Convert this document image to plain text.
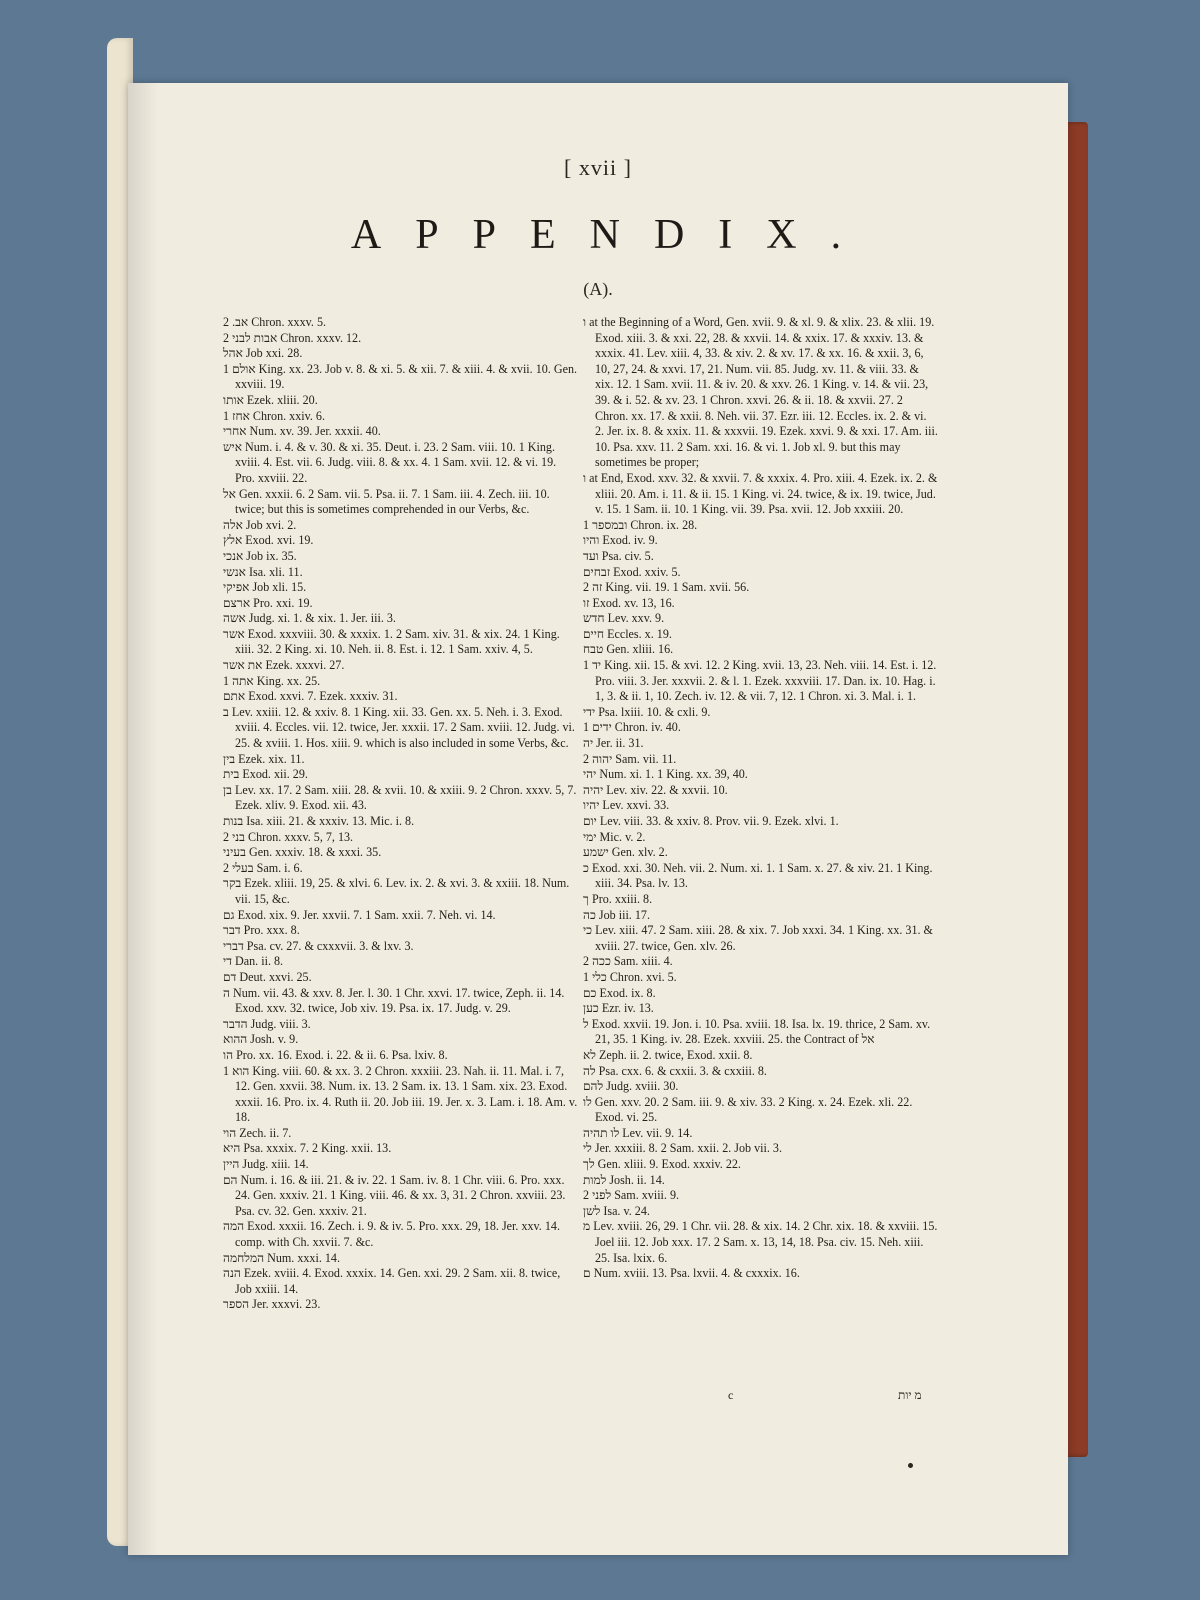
[ xvii ]
APPENDIX.
(A).

אב. 2 Chron. xxxv. 5.

אבות לבני 2 Chron. xxxv. 12.

אהל Job xxi. 28.

אולם 1 King. xx. 23. Job v. 8. & xi. 5. & xii. 7. & xiii. 4. & xvii. 10. Gen. xxviii. 19.

אותו Ezek. xliii. 20.

אחז 1 Chron. xxiv. 6.

אחרי Num. xv. 39. Jer. xxxii. 40.

איש Num. i. 4. & v. 30. & xi. 35. Deut. i. 23. 2 Sam. viii. 10. 1 King. xviii. 4. Est. vii. 6. Judg. viii. 8. & xx. 4. 1 Sam. xvii. 12. & vi. 19. Pro. xxviii. 22.

אל Gen. xxxii. 6. 2 Sam. vii. 5. Psa. ii. 7. 1 Sam. iii. 4. Zech. iii. 10. twice; but this is sometimes comprehended in our Verbs, &c.

אלה Job xvi. 2.

אלץ Exod. xvi. 19.

אנכי Job ix. 35.

אנשי Isa. xli. 11.

אפיקי Job xli. 15.

ארצם Pro. xxi. 19.

אשה Judg. xi. 1. & xix. 1. Jer. iii. 3.

אשר Exod. xxxviii. 30. & xxxix. 1. 2 Sam. xiv. 31. & xix. 24. 1 King. xiii. 32. 2 King. xi. 10. Neh. ii. 8. Est. i. 12. 1 Sam. xxiv. 4, 5.

את אשר Ezek. xxxvi. 27.

אתה 1 King. xx. 25.

אתם Exod. xxvi. 7. Ezek. xxxiv. 31.

ב Lev. xxiii. 12. & xxiv. 8. 1 King. xii. 33. Gen. xx. 5. Neh. i. 3. Exod. xviii. 4. Eccles. vii. 12. twice, Jer. xxxii. 17. 2 Sam. xviii. 12. Judg. vi. 25. & xviii. 1. Hos. xiii. 9. which is also included in some Verbs, &c.

בין Ezek. xix. 11.

בית Exod. xii. 29.

בן Lev. xx. 17. 2 Sam. xiii. 28. & xvii. 10. & xxiii. 9. 2 Chron. xxxv. 5, 7. Ezek. xliv. 9. Exod. xii. 43.

בנות Isa. xiii. 21. & xxxiv. 13. Mic. i. 8.

בני 2 Chron. xxxv. 5, 7, 13.

בעיני Gen. xxxiv. 18. & xxxi. 35.

בעלי 2 Sam. i. 6.

בקר Ezek. xliii. 19, 25. & xlvi. 6. Lev. ix. 2. & xvi. 3. & xxiii. 18. Num. vii. 15, &c.

גם Exod. xix. 9. Jer. xxvii. 7. 1 Sam. xxii. 7. Neh. vi. 14.

דבר Pro. xxx. 8.

דברי Psa. cv. 27. & cxxxvii. 3. & lxv. 3.

די Dan. ii. 8.

דם Deut. xxvi. 25.

ה Num. vii. 43. & xxv. 8. Jer. l. 30. 1 Chr. xxvi. 17. twice, Zeph. ii. 14. Exod. xxv. 32. twice, Job xiv. 19. Psa. ix. 17. Judg. v. 29.

הדבר Judg. viii. 3.

ההוא Josh. v. 9.

הו Pro. xx. 16. Exod. i. 22. & ii. 6. Psa. lxiv. 8.

הוא 1 King. viii. 60. & xx. 3. 2 Chron. xxxiii. 23. Nah. ii. 11. Mal. i. 7, 12. Gen. xxvii. 38. Num. ix. 13. 2 Sam. ix. 13. 1 Sam. xix. 23. Exod. xxxii. 16. Pro. ix. 4. Ruth ii. 20. Job iii. 19. Jer. x. 3. Lam. i. 18. Am. v. 18.

הוי Zech. ii. 7.

היא Psa. xxxix. 7. 2 King. xxii. 13.

היין Judg. xiii. 14.

הם Num. i. 16. & iii. 21. & iv. 22. 1 Sam. iv. 8. 1 Chr. viii. 6. Pro. xxx. 24. Gen. xxxiv. 21. 1 King. viii. 46. & xx. 3, 31. 2 Chron. xxviii. 23. Psa. cv. 32. Gen. xxxiv. 21.

המה Exod. xxxii. 16. Zech. i. 9. & iv. 5. Pro. xxx. 29, 18. Jer. xxv. 14. comp. with Ch. xxvii. 7. &c.

המלחמה Num. xxxi. 14.

הנה Ezek. xviii. 4. Exod. xxxix. 14. Gen. xxi. 29. 2 Sam. xii. 8. twice, Job xxiii. 14.

הספר Jer. xxxvi. 23.

ו at the Beginning of a Word, Gen. xvii. 9. & xl. 9. & xlix. 23. & xlii. 19. Exod. xiii. 3. & xxi. 22, 28. & xxvii. 14. & xxix. 17. & xxxiv. 13. & xxxix. 41. Lev. xiii. 4, 33. & xiv. 2. & xv. 17. & xx. 16. & xxii. 3, 6, 10, 27, 24. & xxvi. 17, 21. Num. vii. 85. Judg. xv. 11. & viii. 33. & xix. 12. 1 Sam. xvii. 11. & iv. 20. & xxv. 26. 1 King. v. 14. & vii. 23, 39. & i. 52. & xv. 23. 1 Chron. xxvi. 26. & ii. 18. & xxvii. 27. 2 Chron. xx. 17. & xxii. 8. Neh. vii. 37. Ezr. iii. 12. Eccles. ix. 2. & vi. 2. Jer. ix. 8. & xxix. 11. & xxxvii. 19. Ezek. xxvi. 9. & xxi. 17. Am. iii. 10. Psa. xxv. 11. 2 Sam. xxi. 16. & vi. 1. Job xl. 9. but this may sometimes be proper;

ו at End, Exod. xxv. 32. & xxvii. 7. & xxxix. 4. Pro. xiii. 4. Ezek. ix. 2. & xliii. 20. Am. i. 11. & ii. 15. 1 King. vi. 24. twice, & ix. 19. twice, Jud. v. 15. 1 Sam. ii. 10. 1 King. vii. 39. Psa. xvii. 12. Job xxxiii. 20.

ובמספר 1 Chron. ix. 28.

והיו Exod. iv. 9.

ועד Psa. civ. 5.

זבחים Exod. xxiv. 5.

זה 2 King. vii. 19. 1 Sam. xvii. 56.

זו Exod. xv. 13, 16.

חדש Lev. xxv. 9.

חיים Eccles. x. 19.

טבח Gen. xliii. 16.

יד 1 King. xii. 15. & xvi. 12. 2 King. xvii. 13, 23. Neh. viii. 14. Est. i. 12. Pro. viii. 3. Jer. xxxvii. 2. & l. 1. Ezek. xxxviii. 17. Dan. ix. 10. Hag. i. 1, 3. & ii. 1, 10. Zech. iv. 12. & vii. 7, 12. 1 Chron. xi. 3. Mal. i. 1.

ידי Psa. lxiii. 10. & cxli. 9.

ידים 1 Chron. iv. 40.

יה Jer. ii. 31.

יהוה 2 Sam. vii. 11.

יהי Num. xi. 1. 1 King. xx. 39, 40.

יהיה Lev. xiv. 22. & xxvii. 10.

יהיו Lev. xxvi. 33.

יום Lev. viii. 33. & xxiv. 8. Prov. vii. 9. Ezek. xlvi. 1.

ימי Mic. v. 2.

ישמע Gen. xlv. 2.

כ Exod. xxi. 30. Neh. vii. 2. Num. xi. 1. 1 Sam. x. 27. & xiv. 21. 1 King. xiii. 34. Psa. lv. 13.

ך Pro. xxiii. 8.

כה Job iii. 17.

כי Lev. xiii. 47. 2 Sam. xiii. 28. & xix. 7. Job xxxi. 34. 1 King. xx. 31. & xviii. 27. twice, Gen. xlv. 26.

ככה 2 Sam. xiii. 4.

כלי 1 Chron. xvi. 5.

כם Exod. ix. 8.

כען Ezr. iv. 13.

ל Exod. xxvii. 19. Jon. i. 10. Psa. xviii. 18. Isa. lx. 19. thrice, 2 Sam. xv. 21, 35. 1 King. iv. 28. Ezek. xxviii. 25. the Contract of אל

לא Zeph. ii. 2. twice, Exod. xxii. 8.

לה Psa. cxx. 6. & cxxii. 3. & cxxiii. 8.

להם Judg. xviii. 30.

לו Gen. xxv. 20. 2 Sam. iii. 9. & xiv. 33. 2 King. x. 24. Ezek. xli. 22. Exod. vi. 25.

לו תהיה Lev. vii. 9. 14.

לי Jer. xxxiii. 8. 2 Sam. xxii. 2. Job vii. 3.

לך Gen. xliii. 9. Exod. xxxiv. 22.

למות Josh. ii. 14.

לפני 2 Sam. xviii. 9.

לשן Isa. v. 24.

מ Lev. xviii. 26, 29. 1 Chr. vii. 28. & xix. 14. 2 Chr. xix. 18. & xxviii. 15. Joel iii. 12. Job xxx. 17. 2 Sam. x. 13, 14, 18. Psa. civ. 15. Neh. xiii. 25. Isa. lxix. 6.

ם Num. xviii. 13. Psa. lxvii. 4. & cxxxix. 16.

c	מ יות
